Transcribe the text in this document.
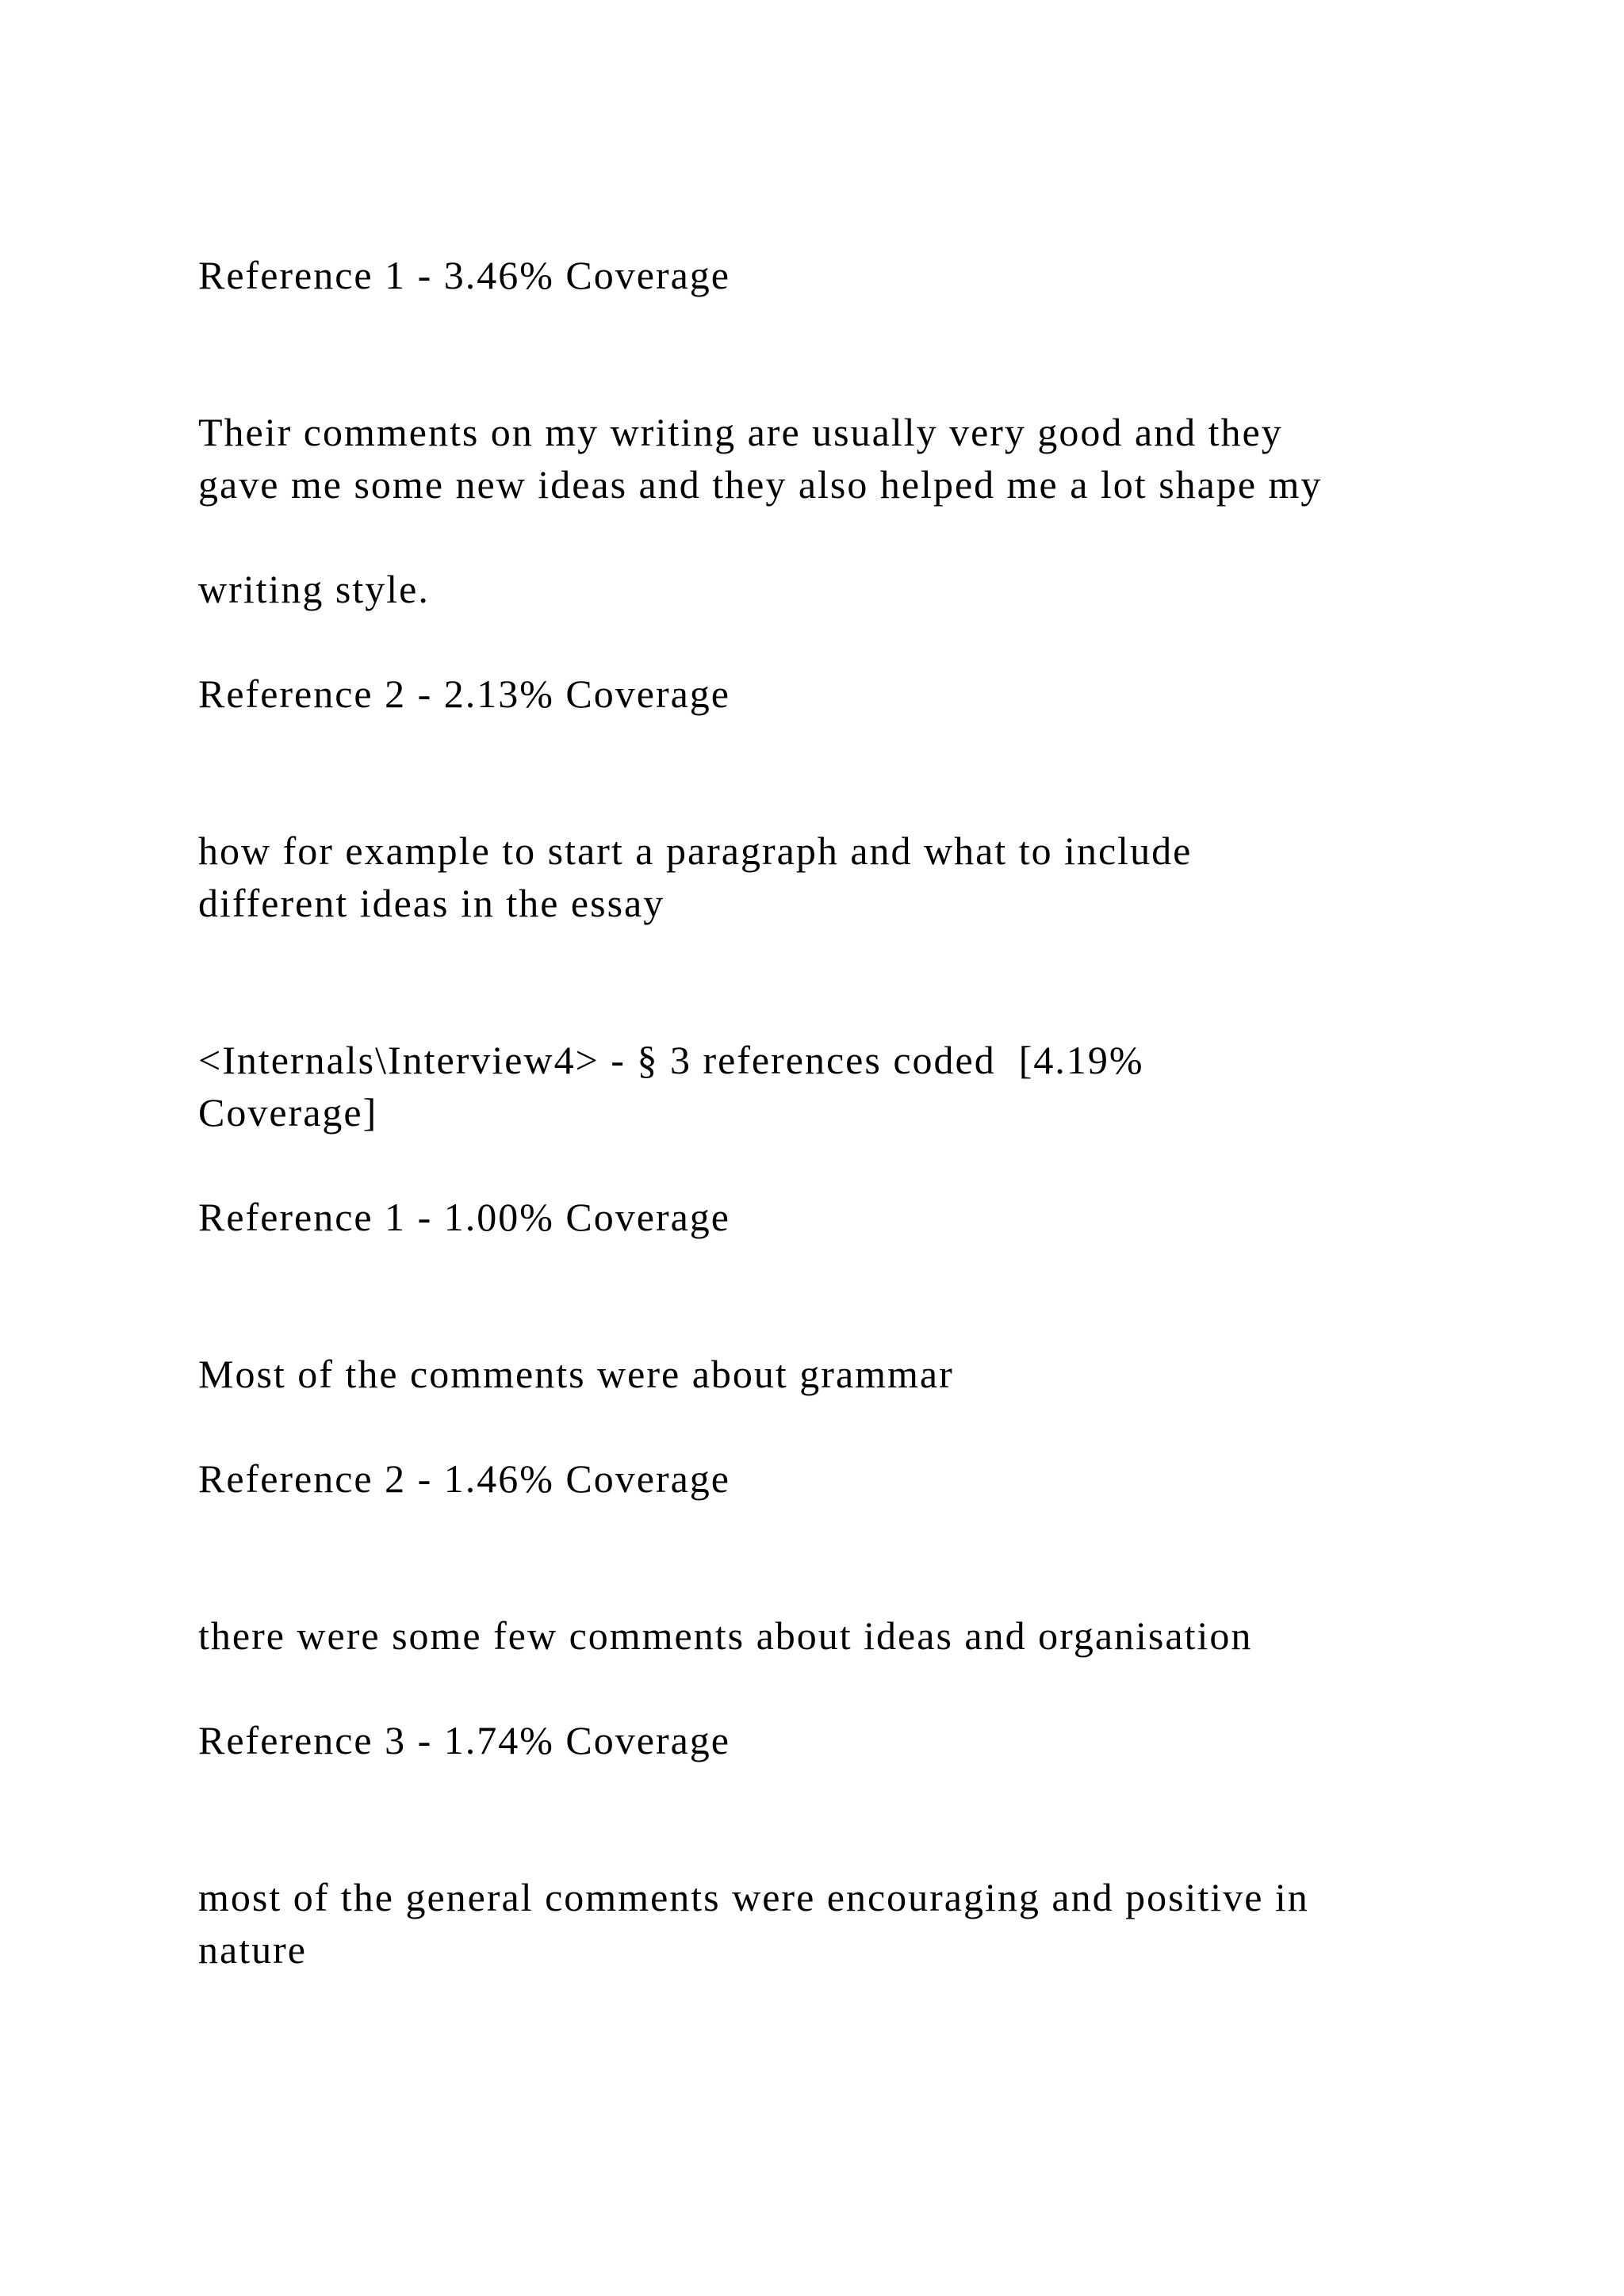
Reference 1 - 3.46% Coverage

Their comments on my writing are usually very good and they

gave me some new ideas and they also helped me a lot shape my

writing style.

Reference 2 - 2.13% Coverage

how for example to start a paragraph and what to include

different ideas in the essay

<Internals\Interview4> - § 3 references coded  [4.19%

Coverage]

Reference 1 - 1.00% Coverage

Most of the comments were about grammar

Reference 2 - 1.46% Coverage

there were some few comments about ideas and organisation

Reference 3 - 1.74% Coverage

most of the general comments were encouraging and positive in

nature
